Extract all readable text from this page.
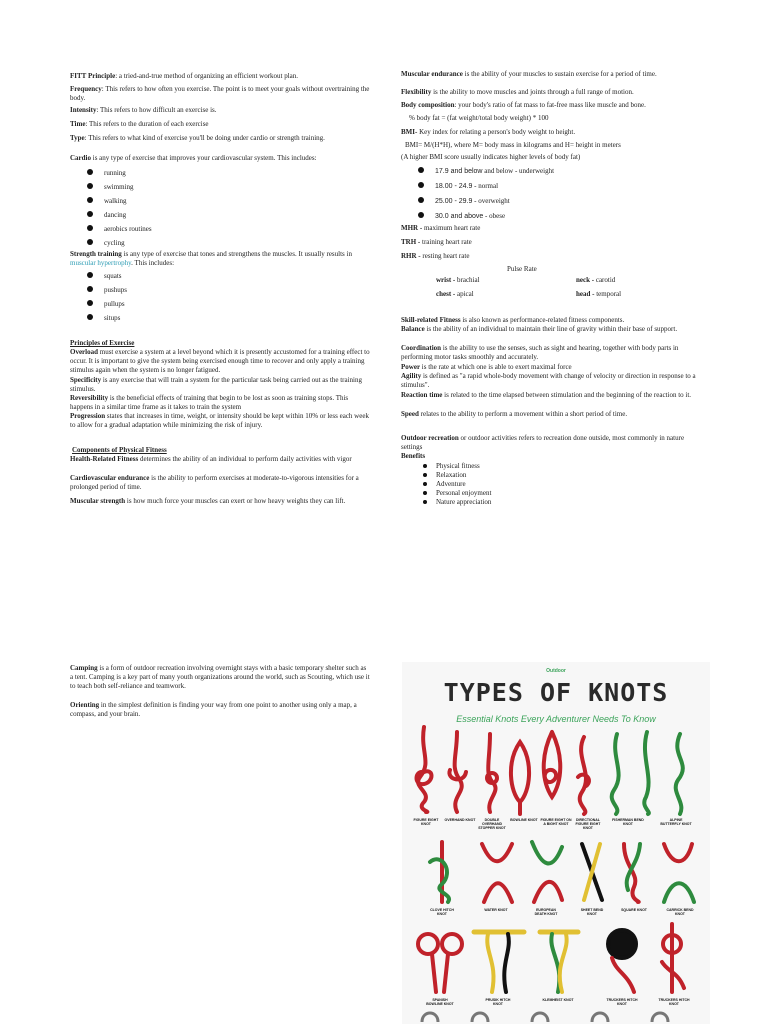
FITT Principle: a tried-and-true method of organizing an efficient workout plan.
Frequency: This refers to how often you exercise. The point is to meet your goals without overtraining the body.
Intensity: This refers to how difficult an exercise is.
Time: This refers to the duration of each exercise
Type: This refers to what kind of exercise you'll be doing under cardio or strength training.
Cardio is any type of exercise that improves your cardiovascular system. This includes:
running
swimming
walking
dancing
aerobics routines
cycling
Strength training is any type of exercise that tones and strengthens the muscles. It usually results in muscular hypertrophy. This includes:
squats
pushups
pullups
situps
Principles of Exercise
Overload must exercise a system at a level beyond which it is presently accustomed for a training effect to occur. It is important to give the system being exercised enough time to recover and only apply a training stimulus again when the system is no longer fatigued.
Specificity is any exercise that will train a system for the particular task being carried out as the training stimulus.
Reversibility is the beneficial effects of training that begin to be lost as soon as training stops. This happens in a similar time frame as it takes to train the system
Progression states that increases in time, weight, or intensity should be kept within 10% or less each week to allow for a gradual adaptation while minimizing the risk of injury.
Components of Physical Fitness
Health-Related Fitness determines the ability of an individual to perform daily activities with vigor
Cardiovascular endurance is the ability to perform exercises at moderate-to-vigorous intensities for a prolonged period of time.
Muscular strength is how much force your muscles can exert or how heavy weights they can lift.
Camping is a form of outdoor recreation involving overnight stays with a basic temporary shelter such as a tent. Camping is a key part of many youth organizations around the world, such as Scouting, which use it to teach both self-reliance and teamwork.
Orienting in the simplest definition is finding your way from one point to another using only a map, a compass, and your brain.
Muscular endurance is the ability of your muscles to sustain exercise for a period of time.
Flexibility is the ability to move muscles and joints through a full range of motion.
Body composition: your body's ratio of fat mass to fat-free mass like muscle and bone.
% body fat = (fat weight/total body weight) * 100
BMI- Key index for relating a person's body weight to height.
BMI= M/(H*H), where M= body mass in kilograms and H= height in meters
(A higher BMI score usually indicates higher levels of body fat)
17.9 and below and below - underweight
18.00 - 24.9 - normal
25.00 - 29.9 - overweight
30.0 and above - obese
MHR - maximum heart rate
TRH - training heart rate
RHR - resting heart rate
Pulse Rate
wrist - brachial	neck - carotid
chest - apical	head - temporal
Skill-related Fitness is also known as performance-related fitness components.
Balance is the ability of an individual to maintain their line of gravity within their base of support.
Coordination is the ability to use the senses, such as sight and hearing, together with body parts in performing motor tasks smoothly and accurately.
Power is the rate at which one is able to exert maximal force
Agility is defined as "a rapid whole-body movement with change of velocity or direction in response to a stimulus".
Reaction time is related to the time elapsed between stimulation and the beginning of the reaction to it.
Speed relates to the ability to perform a movement within a short period of time.
Outdoor recreation or outdoor activities refers to recreation done outside, most commonly in nature settings
Benefits
Physical fitness
Relaxation
Adventure
Personal enjoyment
Nature appreciation
Outdoor
TYPES OF KNOTS
Essential Knots Every Adventurer Needs To Know
FIGURE EIGHT KNOT
OVERHAND KNOT	DOUBLE OVERHAND STOPPER KNOT
BOWLINE KNOT FIGURE EIGHT ON A BIGHT KNOT
DIRECTIONAL FIGURE EIGHT KNOT
FISHERMAN BEND KNOT
ALPINE BUTTERFLY KNOT
CLOVE HITCH KNOT
WATER KNOT	EUROPEAN DEATH KNOT
SHEET BEND KNOT
SQUARE KNOT	CARRICK BEND KNOT
SPANISH BOWLINE KNOT
PRUSIK HITCH KNOT
KLEMHEIST KNOT	TRUCKERS HITCH KNOT
TRUCKERS HITCH KNOT
